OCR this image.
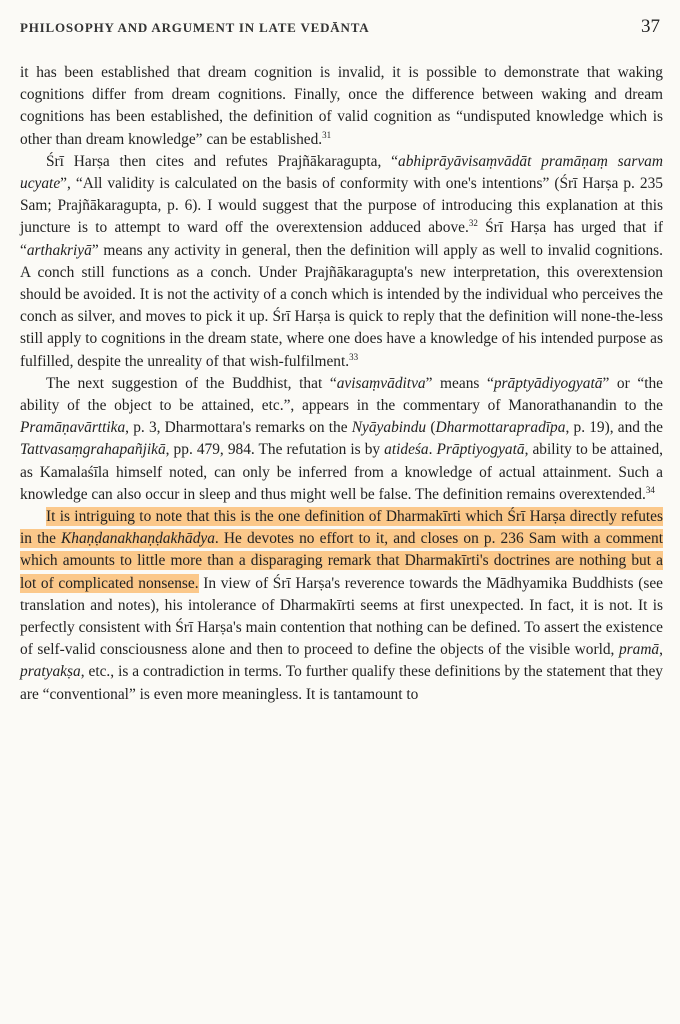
PHILOSOPHY AND ARGUMENT IN LATE VEDĀNTA	37

it has been established that dream cognition is invalid, it is possible to demonstrate that waking cognitions differ from dream cognitions. Finally, once the difference between waking and dream cognitions has been established, the definition of valid cognition as “undisputed knowledge which is other than dream knowledge” can be established.$^{31}$

Śrī Harṣa then cites and refutes Prajñākaragupta, “abhiprāyāvisaṃvādāt pramāṇaṃ sarvam ucyate”, “All validity is calculated on the basis of conformity with one's intentions” (Śrī Harṣa p. 235 Sam; Prajñākaragupta, p. 6). I would suggest that the purpose of introducing this explanation at this juncture is to attempt to ward off the overextension adduced above.$^{32}$ Śrī Harṣa has urged that if “arthakriyā” means any activity in general, then the definition will apply as well to invalid cognitions. A conch still functions as a conch. Under Prajñākaragupta's new interpretation, this overextension should be avoided. It is not the activity of a conch which is intended by the individual who perceives the conch as silver, and moves to pick it up. Śrī Harṣa is quick to reply that the definition will none-the-less still apply to cognitions in the dream state, where one does have a knowledge of his intended purpose as fulfilled, despite the unreality of that wish-fulfilment.$^{33}$

The next suggestion of the Buddhist, that “avisaṃvāditva” means “prāptyādiyogyatā” or “the ability of the object to be attained, etc.”, appears in the commentary of Manorathanandin to the Pramāṇavārttika, p. 3, Dharmottara's remarks on the Nyāyabindu (Dharmottarapradīpa, p. 19), and the Tattvasaṃgrahapañjikā, pp. 479, 984. The refutation is by atideśa. Prāptiyogyatā, ability to be attained, as Kamalaśīla himself noted, can only be inferred from a knowledge of actual attainment. Such a knowledge can also occur in sleep and thus might well be false. The definition remains overextended.$^{34}$

It is intriguing to note that this is the one definition of Dharmakīrti which Śrī Harṣa directly refutes in the Khaṇḍanakhaṇḍakhādya. He devotes no effort to it, and closes on p. 236 Sam with a comment which amounts to little more than a disparaging remark that Dharmakīrti's doctrines are nothing but a lot of complicated nonsense. In view of Śrī Harṣa's reverence towards the Mādhyamika Buddhists (see translation and notes), his intolerance of Dharmakīrti seems at first unexpected. In fact, it is not. It is perfectly consistent with Śrī Harṣa's main contention that nothing can be defined. To assert the existence of self-valid consciousness alone and then to proceed to define the objects of the visible world, pramā, pratyakṣa, etc., is a contradiction in terms. To further qualify these definitions by the statement that they are “conventional” is even more meaningless. It is tantamount to
